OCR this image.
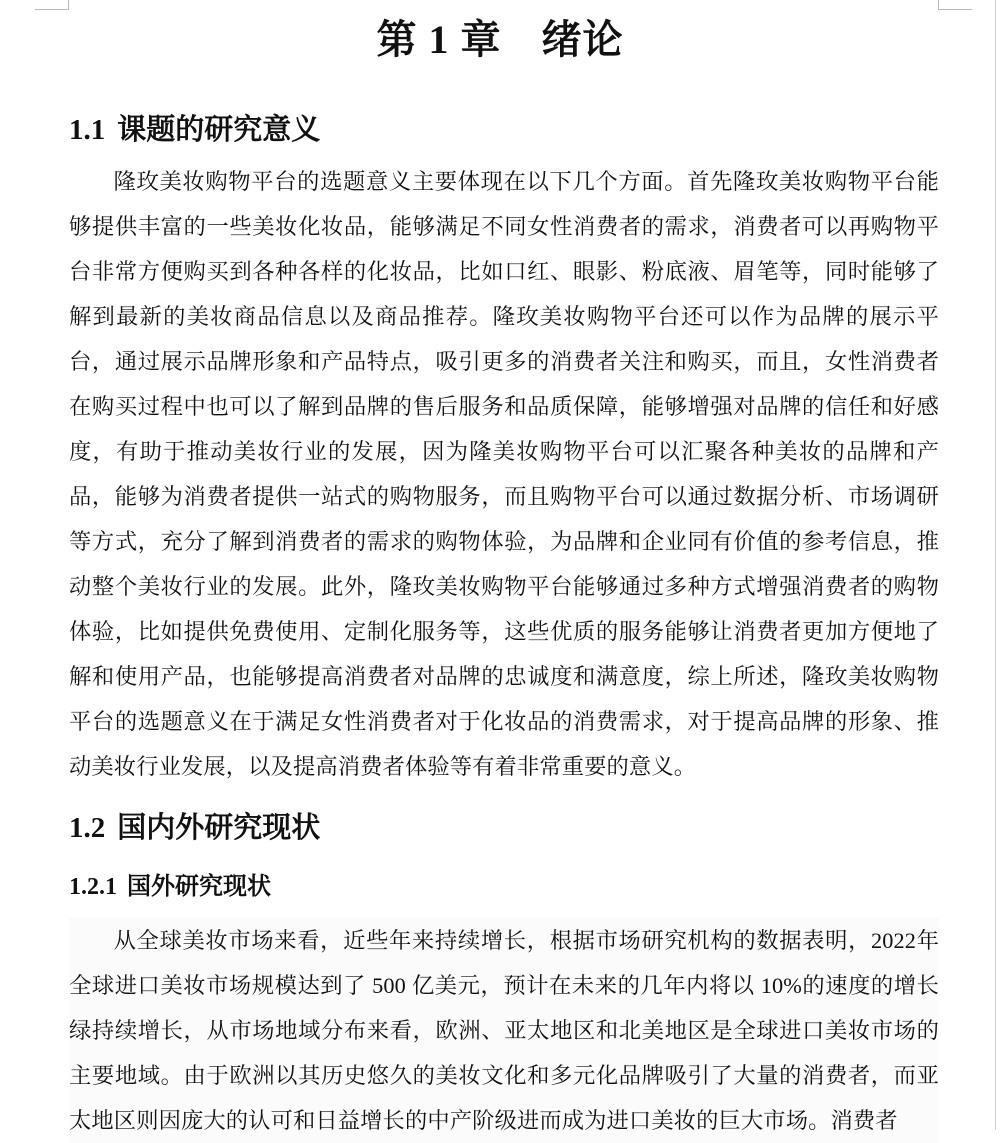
第 1 章 绪论
1.1 课题的研究意义

隆玫美妆购物平台的选题意义主要体现在以下几个方面。首先隆玫美妆购物平台能够提供丰富的一些美妆化妆品，能够满足不同女性消费者的需求，消费者可以再购物平台非常方便购买到各种各样的化妆品，比如口红、眼影、粉底液、眉笔等，同时能够了解到最新的美妆商品信息以及商品推荐。隆玫美妆购物平台还可以作为品牌的展示平台，通过展示品牌形象和产品特点，吸引更多的消费者关注和购买，而且，女性消费者在购买过程中也可以了解到品牌的售后服务和品质保障，能够增强对品牌的信任和好感度，有助于推动美妆行业的发展，因为隆美妆购物平台可以汇聚各种美妆的品牌和产品，能够为消费者提供一站式的购物服务，而且购物平台可以通过数据分析、市场调研等方式，充分了解到消费者的需求的购物体验，为品牌和企业同有价值的参考信息，推动整个美妆行业的发展。此外，隆玫美妆购物平台能够通过多种方式增强消费者的购物体验，比如提供免费使用、定制化服务等，这些优质的服务能够让消费者更加方便地了解和使用产品，也能够提高消费者对品牌的忠诚度和满意度，综上所述，隆玫美妆购物平台的选题意义在于满足女性消费者对于化妆品的消费需求，对于提高品牌的形象、推动美妆行业发展，以及提高消费者体验等有着非常重要的意义。

1.2 国内外研究现状
1.2.1 国外研究现状

从全球美妆市场来看，近些年来持续增长，根据市场研究机构的数据表明，2022年全球进口美妆市场规模达到了 500 亿美元，预计在未来的几年内将以 10%的速度的增长绿持续增长，从市场地域分布来看，欧洲、亚太地区和北美地区是全球进口美妆市场的主要地域。由于欧洲以其历史悠久的美妆文化和多元化品牌吸引了大量的消费者，而亚太地区则因庞大的认可和日益增长的中产阶级进而成为进口美妆的巨大市场。消费者
